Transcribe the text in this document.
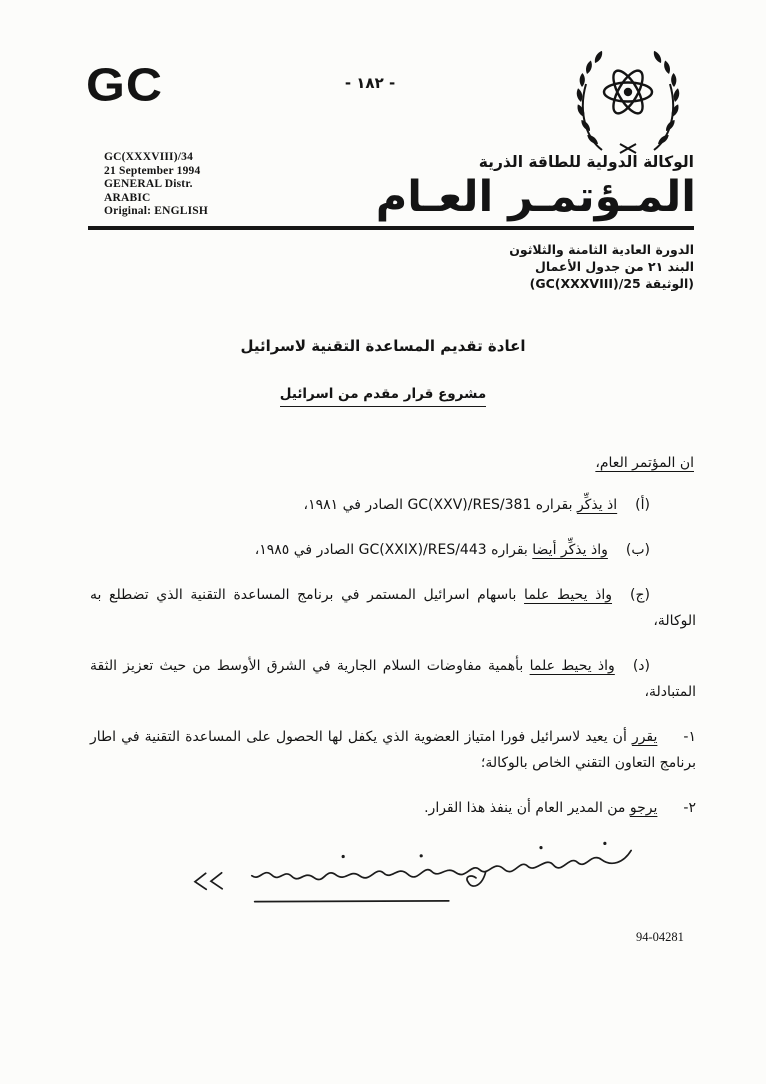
GC	- ١٨٢ -
GC(XXXVIII)/34
21 September 1994
GENERAL Distr.
ARABIC
Original: ENGLISH
الوكالة الدولية للطاقة الذرية
المـؤتمـر العـام
الدورة العادية الثامنة والثلاثون
البند ٢١ من جدول الأعمال
(الوثيقة ⁦GC(XXXVIII)/25⁩)
اعادة تقديم المساعدة التقنية لاسرائيل
مشروع قرار مقدم من اسرائيل
ان المؤتمر العام،

(أ)اذ يذكِّر بقراره ⁦GC(XXV)/RES/381⁩ الصادر في ١٩٨١،

(ب)واذ يذكِّر أيضا بقراره ⁦GC(XXIX)/RES/443⁩ الصادر في ١٩٨٥،

(ج)واذ يحيط علما باسهام اسرائيل المستمر في برنامج المساعدة التقنية الذي تضطلع به الوكالة،

(د)واذ يحيط علما بأهمية مفاوضات السلام الجارية في الشرق الأوسط من حيث تعزيز الثقة المتبادلة،

١-يقرر أن يعيد لاسرائيل فورا امتياز العضوية الذي يكفل لها الحصول على المساعدة التقنية في اطار برنامج التعاون التقني الخاص بالوكالة؛

٢-يرجو من المدير العام أن ينفذ هذا القرار.

94-04281
